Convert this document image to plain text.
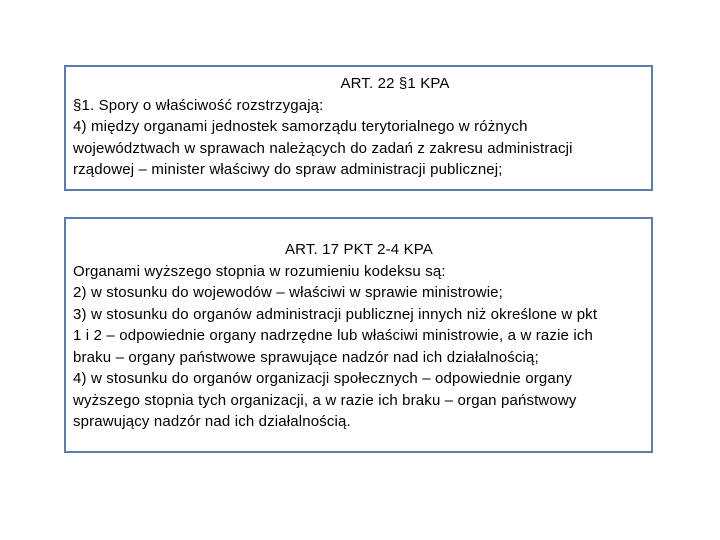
ART. 22 §1 KPA
§1. Spory o właściwość rozstrzygają:
4) między organami jednostek samorządu terytorialnego w różnych
województwach w sprawach należących do zadań z zakresu administracji
rządowej – minister właściwy do spraw administracji publicznej;
ART. 17 PKT 2-4 KPA
Organami wyższego stopnia w rozumieniu kodeksu są:
2) w stosunku do wojewodów – właściwi w sprawie ministrowie;
3) w stosunku do organów administracji publicznej innych niż określone w pkt
1 i 2 – odpowiednie organy nadrzędne lub właściwi ministrowie, a w razie ich
braku – organy państwowe sprawujące nadzór nad ich działalnością;
4) w stosunku do organów organizacji społecznych – odpowiednie organy
wyższego stopnia tych organizacji, a w razie ich braku – organ państwowy
sprawujący nadzór nad ich działalnością.
